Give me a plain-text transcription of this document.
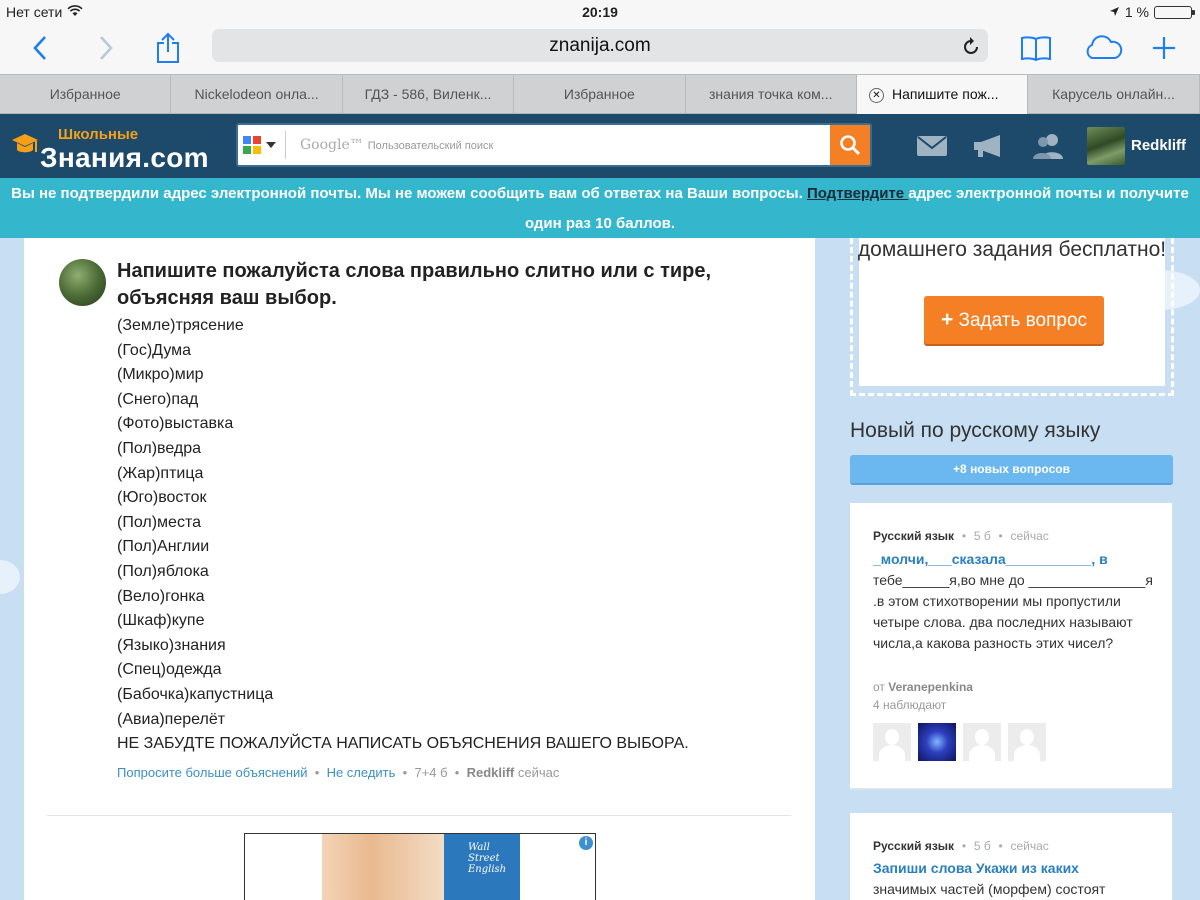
Нет сети	20:19	1 %
znanija.com
Избранное	Nickelodeon онла...	ГДЗ - 586, Виленк...	Избранное	знания точка ком...	✕ Напишите пож...	Карусель онлайн...
Школьные
Знания.com	Google™ Пользовательский поиск	Redkliff
Вы не подтвердили адрес электронной почты. Мы не можем сообщить вам об ответах на Ваши вопросы. Подтвердите адрес электронной почты и получите один раз 10 баллов.
Напишите пожалуйста слова правильно слитно или с тире, объясняя ваш выбор.
(Земле)трясение
(Гос)Дума
(Микро)мир
(Снего)пад
(Фото)выставка
(Пол)ведра
(Жар)птица
(Юго)восток
(Пол)места
(Пол)Англии
(Пол)яблока
(Вело)гонка
(Шкаф)купе
(Языко)знания
(Спец)одежда
(Бабочка)капустница
(Авиа)перелёт
НЕ ЗАБУДТЕ ПОЖАЛУЙСТА НАПИСАТЬ ОБЪЯСНЕНИЯ ВАШЕГО ВЫБОРА.
Попросите больше объяснений • Не следить • 7+4 б • Redkliff сейчас
Wall Street English
i
домашнего задания бесплатно!
+ Задать вопрос
Новый по русскому языку
+8 новых вопросов
Русский язык  •  5 б  •  сейчас
_молчи,___сказала___________, в тебе______я,во мне до _______________я .в этом стихотворении мы пропустили четыре слова. два последних называют числа,а какова разность этих чисел?
от Veranepenkina
4 наблюдают
Русский язык  •  5 б  •  сейчас
Запиши слова Укажи из каких
значимых частей (морфем) состоят
